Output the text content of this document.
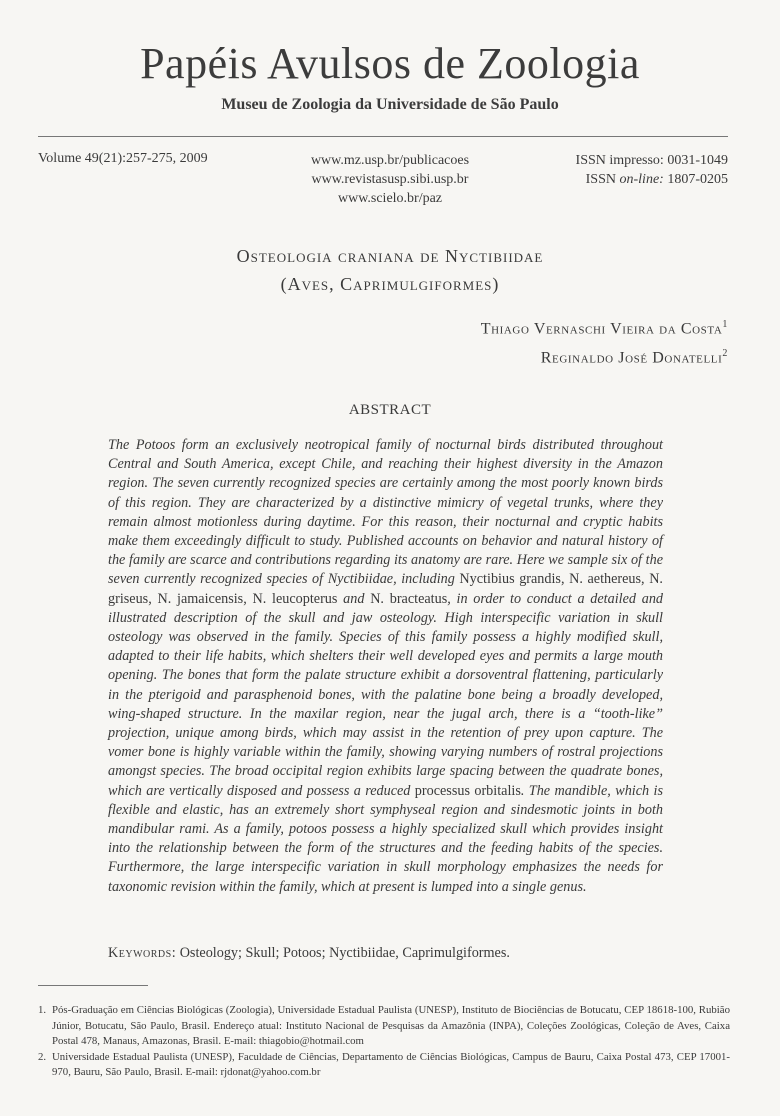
Papéis Avulsos de Zoologia
Museu de Zoologia da Universidade de São Paulo
Volume 49(21):257-275, 2009	www.mz.usp.br/publicacoes
www.revistasusp.sibi.usp.br
www.scielo.br/paz
ISSN impresso: 0031-1049
ISSN on-line: 1807-0205
Osteologia craniana de Nyctibiidae
(Aves, Caprimulgiformes)
Thiago Vernaschi Vieira da Costa$^1$
Reginaldo José Donatelli$^2$
ABSTRACT
The Potoos form an exclusively neotropical family of nocturnal birds distributed throughout Central and South America, except Chile, and reaching their highest diversity in the Amazon region. The seven currently recognized species are certainly among the most poorly known birds of this region. They are characterized by a distinctive mimicry of vegetal trunks, where they remain almost motionless during daytime. For this reason, their nocturnal and cryptic habits make them exceedingly difficult to study. Published accounts on behavior and natural history of the family are scarce and contributions regarding its anatomy are rare. Here we sample six of the seven currently recognized species of Nyctibiidae, including Nyctibius grandis, N. aethereus, N. griseus, N. jamaicensis, N. leucopterus and N. bracteatus, in order to conduct a detailed and illustrated description of the skull and jaw osteology. High interspecific variation in skull osteology was observed in the family. Species of this family possess a highly modified skull, adapted to their life habits, which shelters their well developed eyes and permits a large mouth opening. The bones that form the palate structure exhibit a dorsoventral flattening, particularly in the pterigoid and parasphenoid bones, with the palatine bone being a broadly developed, wing-shaped structure. In the maxilar region, near the jugal arch, there is a “tooth-like” projection, unique among birds, which may assist in the retention of prey upon capture. The vomer bone is highly variable within the family, showing varying numbers of rostral projections amongst species. The broad occipital region exhibits large spacing between the quadrate bones, which are vertically disposed and possess a reduced processus orbitalis. The mandible, which is flexible and elastic, has an extremely short symphyseal region and sindesmotic joints in both mandibular rami. As a family, potoos possess a highly specialized skull which provides insight into the relationship between the form of the structures and the feeding habits of the species. Furthermore, the large interspecific variation in skull morphology emphasizes the needs for taxonomic revision within the family, which at present is lumped into a single genus.
Keywords: Osteology; Skull; Potoos; Nyctibiidae, Caprimulgiformes.
1. Pós-Graduação em Ciências Biológicas (Zoologia), Universidade Estadual Paulista (UNESP), Instituto de Biociências de Botucatu, CEP 18618-100, Rubião Júnior, Botucatu, São Paulo, Brasil. Endereço atual: Instituto Nacional de Pesquisas da Amazônia (INPA), Coleções Zoológicas, Coleção de Aves, Caixa Postal 478, Manaus, Amazonas, Brasil. E-mail: thiagobio@hotmail.com
2. Universidade Estadual Paulista (UNESP), Faculdade de Ciências, Departamento de Ciências Biológicas, Campus de Bauru, Caixa Postal 473, CEP 17001-970, Bauru, São Paulo, Brasil. E-mail: rjdonat@yahoo.com.br
